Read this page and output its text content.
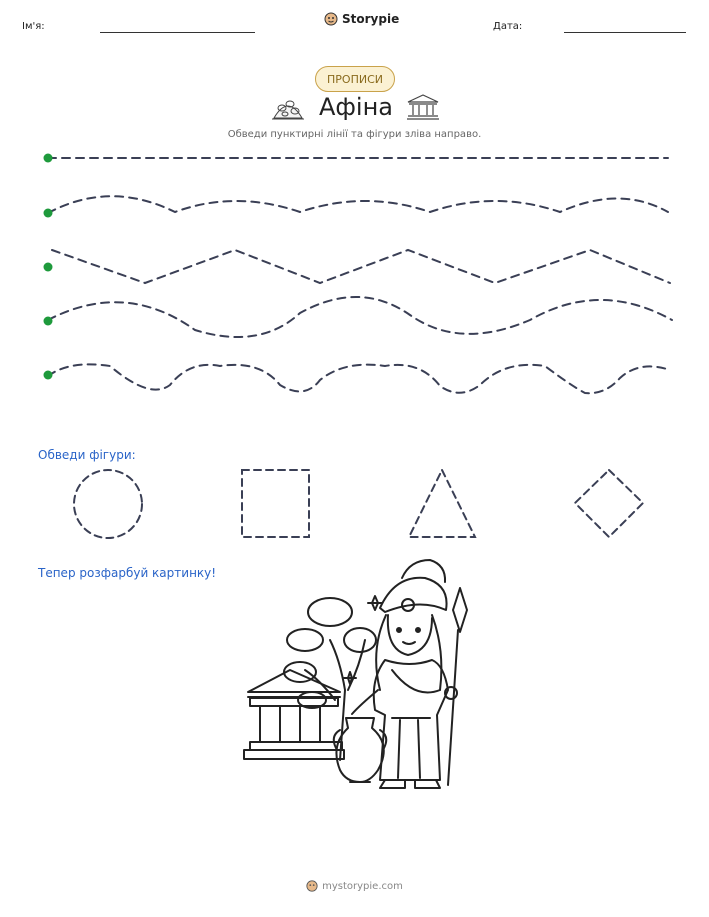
Ім'я:
Storypie
Дата:
ПРОПИСИ
Афіна
Обведи пунктирні лінії та фігури зліва направо.
Обведи фігури:
Тепер розфарбуй картинку!
mystorypie.com
